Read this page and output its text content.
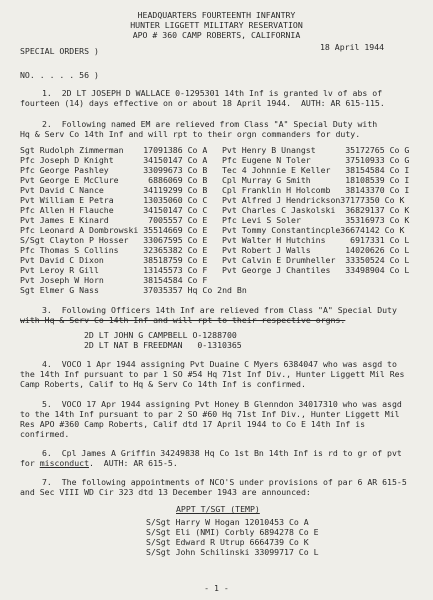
HEADQUARTERS FOURTEENTH INFANTRY
HUNTER LIGGETT MILITARY RESERVATION
APO # 360 CAMP ROBERTS, CALIFORNIA
SPECIAL ORDERS )	18 April 1944
NO. . . . . 56 )
1.  2D LT JOSEPH D WALLACE 0-1295301 14th Inf is granted lv of abs of
fourteen (14) days effective on or about 18 April 1944.  AUTH: AR 615-115.
2.  Following named EM are relieved from Class "A" Special Duty with
Hq & Serv Co 14th Inf and will rpt to their orgn commanders for duty.
Sgt Rudolph Zimmerman    17091386 Co A Pvt Henry B Unangst      35172765 Co G
Pfc Joseph D Knight      34150147 Co A Pfc Eugene N Toler       37510933 Co G
Pfc George Pashley       33099673 Co B Tec 4 Johnnie E Keller   38154584 Co I
Pvt George E McClure      6886069 Co B Cpl Murray G Smith       18108539 Co I
Pvt David C Nance        34119299 Co B Cpl Franklin H Holcomb   38143370 Co I
Pvt William E Petra      13035060 Co C Pvt Alfred J Hendrickson37177350 Co K
Pfc Allen H Flauche      34150147 Co C Pvt Charles C Jaskolski  36829137 Co K
Pvt James E Kinard        7005557 Co E Pfc Levi S Soler         35316973 Co K
Pfc Leonard A Dombrowski 35514669 Co E Pvt Tommy Constantincple36674142 Co K
S/Sgt Clayton P Hosser   33067595 Co E Pvt Walter H Hutchins     6917331 Co L
Pfc Thomas S Collins     32365382 Co E Pvt Robert J Walls       14020626 Co L
Pvt David C Dixon        38518759 Co E Pvt Calvin E Drumheller  33350524 Co L
Pvt Leroy R Gill         13145573 Co F Pvt George J Chantiles   33498904 Co L
Pvt Joseph W Horn        38154584 Co F
Sgt Elmer G Nass         37035357 Hq Co 2nd Bn
3.  Following Officers 14th Inf are relieved from Class "A" Special Duty
with Hq & Serv Co 14th Inf and will rpt to their respective orgns.
2D LT JOHN G CAMPBELL O-1288700
2D LT NAT B FREEDMAN   0-1310365
4.  VOCO 1 Apr 1944 assigning Pvt Duaine C Myers 6384047 who was asgd to
the 14th Inf pursuant to par 1 SO #54 Hq 71st Inf Div., Hunter Liggett Mil Res
Camp Roberts, Calif to Hq & Serv Co 14th Inf is confirmed.
5.  VOCO 17 Apr 1944 assigning Pvt Honey B Glenndon 34017310 who was asgd
to the 14th Inf pursuant to par 2 SO #60 Hq 71st Inf Div., Hunter Liggett Mil
Res APO #360 Camp Roberts, Calif dtd 17 April 1944 to Co E 14th Inf is
confirmed.
6.  Cpl James A Griffin 34249838 Hq Co 1st Bn 14th Inf is rd to gr of pvt
for misconduct.  AUTH: AR 615-5.
7.  The following appointments of NCO'S under provisions of par 6 AR 615-5
and Sec VIII WD Cir 323 dtd 13 December 1943 are announced:
APPT T/SGT (TEMP)
S/Sgt Harry W Hogan 12010453 Co A
S/Sgt Eli (NMI) Corbly 6894278 Co E
S/Sgt Edward R Utrup 6664739 Co K
S/Sgt John Schilinski 33099717 Co L
- 1 -
